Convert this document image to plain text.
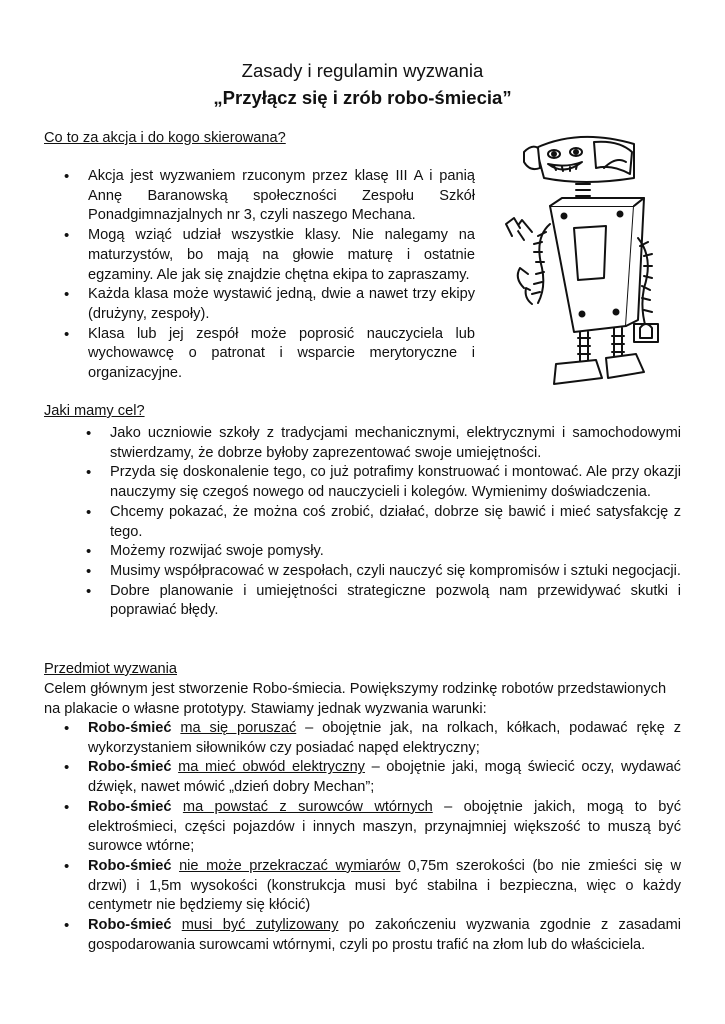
Zasady i regulamin wyzwania
„Przyłącz się i zrób robo-śmiecia”
Co to za akcja i do kogo skierowana?
• Akcja jest wyzwaniem rzuconym przez klasę III A i panią Annę Baranowską społeczności Zespołu Szkół Ponadgimnazjalnych nr 3, czyli naszego Mechana.
• Mogą wziąć udział wszystkie klasy. Nie nalegamy na maturzystów, bo mają na głowie maturę i ostatnie egzaminy. Ale jak się znajdzie chętna ekipa to zapraszamy.
• Każda klasa może wystawić jedną, dwie a nawet trzy ekipy (drużyny, zespoły).
• Klasa lub jej zespół może poprosić nauczyciela lub wychowawcę o patronat i wsparcie merytoryczne i organizacyjne.
Jaki mamy cel?
• Jako uczniowie szkoły z tradycjami mechanicznymi, elektrycznymi i samochodowymi stwierdzamy, że dobrze byłoby zaprezentować swoje umiejętności.
• Przyda się doskonalenie tego, co już potrafimy konstruować i montować. Ale przy okazji nauczymy się czegoś nowego od nauczycieli i kolegów. Wymienimy doświadczenia.
• Chcemy pokazać, że można coś zrobić, działać, dobrze się bawić i mieć satysfakcję z tego.
• Możemy rozwijać swoje pomysły.
• Musimy współpracować w zespołach, czyli nauczyć się kompromisów i sztuki negocjacji.
• Dobre planowanie i umiejętności strategiczne pozwolą nam przewidywać skutki i poprawiać błędy.
Przedmiot wyzwania
Celem głównym jest stworzenie Robo-śmiecia. Powiększymy rodzinkę robotów przedstawionych na plakacie o własne prototypy. Stawiamy jednak wyzwania warunki:
• Robo-śmieć ma się poruszać – obojętnie jak, na rolkach, kółkach, podawać rękę z wykorzystaniem siłowników czy posiadać napęd elektryczny;
• Robo-śmieć ma mieć obwód elektryczny – obojętnie jaki, mogą świecić oczy, wydawać dźwięk, nawet mówić „dzień dobry Mechan”;
• Robo-śmieć ma powstać z surowców wtórnych – obojętnie jakich, mogą to być elektrośmieci, części pojazdów i innych maszyn, przynajmniej większość to muszą być surowce wtórne;
• Robo-śmieć nie może przekraczać wymiarów 0,75m szerokości (bo nie zmieści się w drzwi) i 1,5m wysokości (konstrukcja musi być stabilna i bezpieczna, więc o każdy centymetr nie będziemy się kłócić)
• Robo-śmieć musi być zutylizowany po zakończeniu wyzwania zgodnie z zasadami gospodarowania surowcami wtórnymi, czyli po prostu trafić na złom lub do właściciela.
